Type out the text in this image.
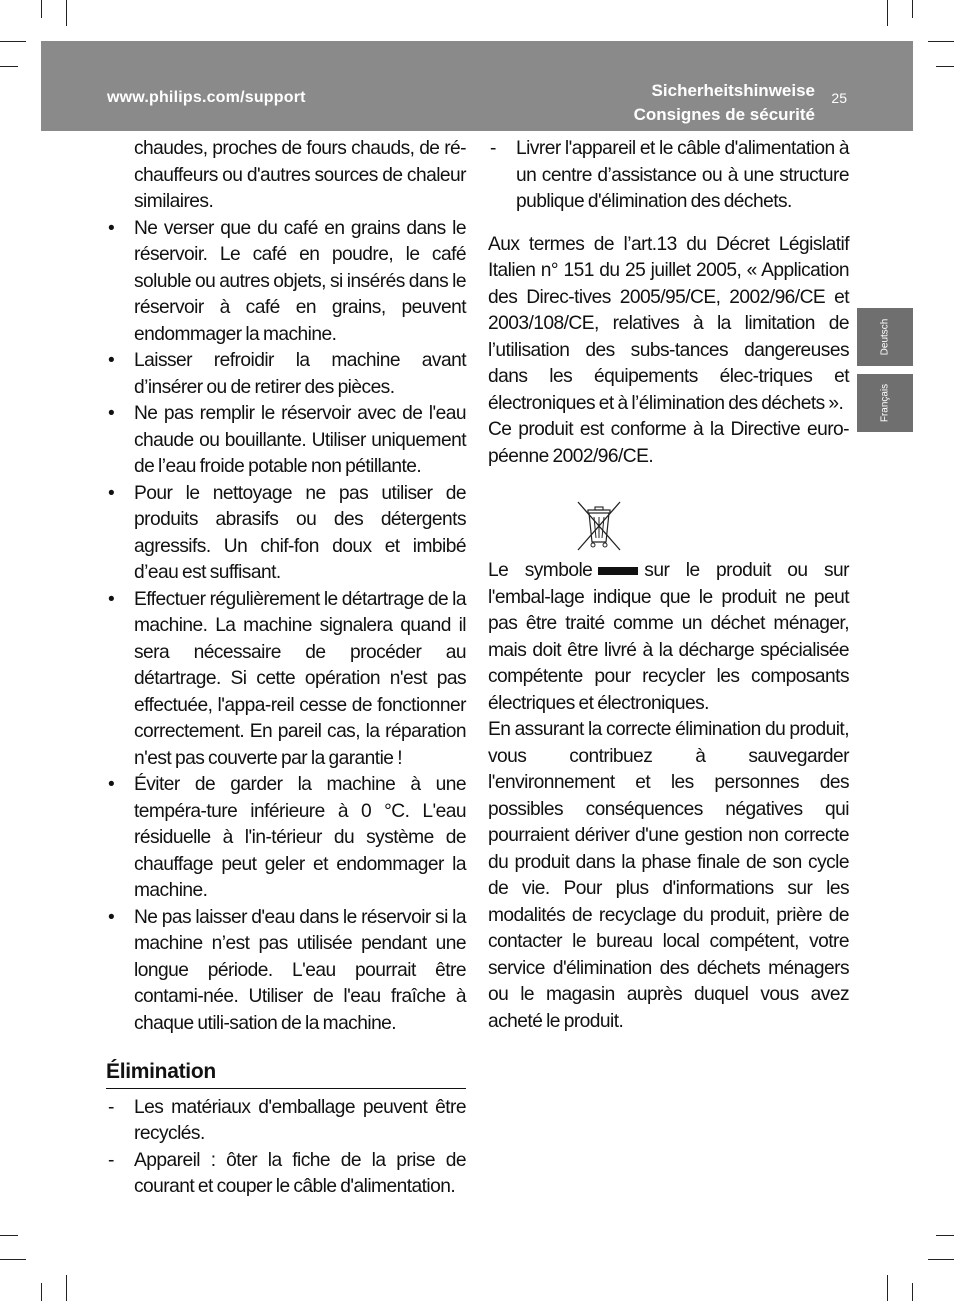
www.philips.com/support	Sicherheitshinweise
Consignes de sécurité
25
Deutsch
Français
chaudes, proches de fours chauds, de ré-chauffeurs ou d'autres sources de chaleur similaires.
•	Ne verser que du café en grains dans le réservoir. Le café en poudre, le café soluble ou autres objets, si insérés dans le réservoir à café en grains, peuvent endommager la machine.
•	Laisser refroidir la machine avant d’insérer ou de retirer des pièces.
•	Ne pas remplir le réservoir avec de l'eau chaude ou bouillante. Utiliser uniquement de l’eau froide potable non pétillante.
•	Pour le nettoyage ne pas utiliser de produits abrasifs ou des détergents agressifs. Un chif-fon doux et imbibé d’eau est suffisant.
•	Effectuer régulièrement le détartrage de la machine. La machine signalera quand il sera nécessaire de procéder au détartrage. Si cette opération n'est pas effectuée, l'appa-reil cesse de fonctionner correctement. En pareil cas, la réparation n'est pas couverte par la garantie !
•	Éviter de garder la machine à une tempéra-ture inférieure à 0 °C. L'eau résiduelle à l'in-térieur du système de chauffage peut geler et endommager la machine.
•	Ne pas laisser d'eau dans le réservoir si la machine n’est pas utilisée pendant une longue période. L'eau pourrait être contami-née. Utiliser de l'eau fraîche à chaque utili-sation de la machine.
Élimination
-	Les matériaux d'emballage peuvent être recyclés.
-	Appareil : ôter la fiche de la prise de courant et couper le câble d'alimentation.
-	Livrer l'appareil et le câble d'alimentation à un centre d’assistance ou à une structure publique d'élimination des déchets.

Aux termes de l’art.13 du Décret Législatif Italien n° 151 du 25 juillet 2005, « Application des Direc-tives 2005/95/CE, 2002/96/CE et 2003/108/CE, relatives à la limitation de l’utilisation des subs-tances dangereuses dans les équipements élec-triques et électroniques et à l’élimination des déchets ».

Ce produit est conforme à la Directive euro-péenne 2002/96/CE.

Le symbole	sur le produit ou sur l'embal-lage indique que le produit ne peut pas être traité comme un déchet ménager, mais doit être livré à la décharge spécialisée compétente pour recycler les composants électriques et électroniques.

En assurant la correcte élimination du produit, vous contribuez à sauvegarder l'environnement et les personnes des possibles conséquences négatives qui pourraient dériver d'une gestion non correcte du produit dans la phase finale de son cycle de vie. Pour plus d'informations sur les modalités de recyclage du produit, prière de contacter le bureau local compétent, votre service d'élimination des déchets ménagers ou le magasin auprès duquel vous avez acheté le produit.
